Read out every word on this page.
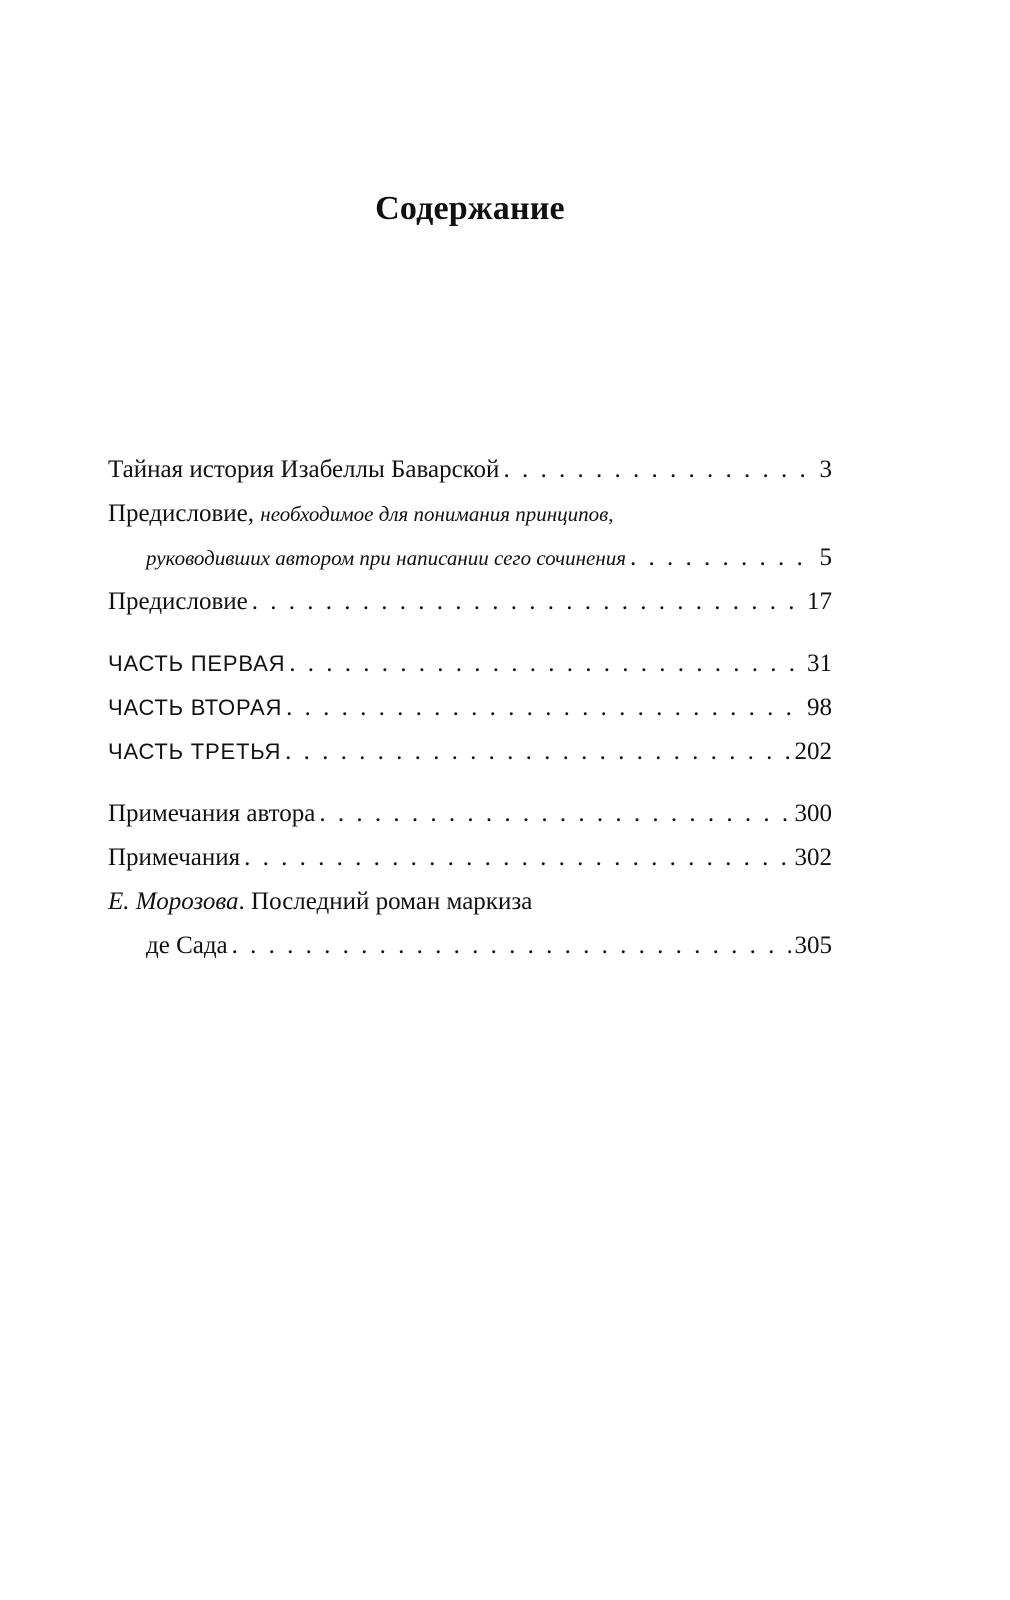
Содержание
Тайная история Изабеллы Баварской . . .	3
Предисловие, необходимое для понимания принципов,
руководивших автором при написании сего сочинения . . .	5
Предисловие . . .	17
ЧАСТЬ ПЕРВАЯ . . .	31
ЧАСТЬ ВТОРАЯ . . .	98
ЧАСТЬ ТРЕТЬЯ . . .	202
Примечания автора . . .	300
Примечания . . .	302
Е. Морозова. Последний роман маркиза
де Сада . . .	305
